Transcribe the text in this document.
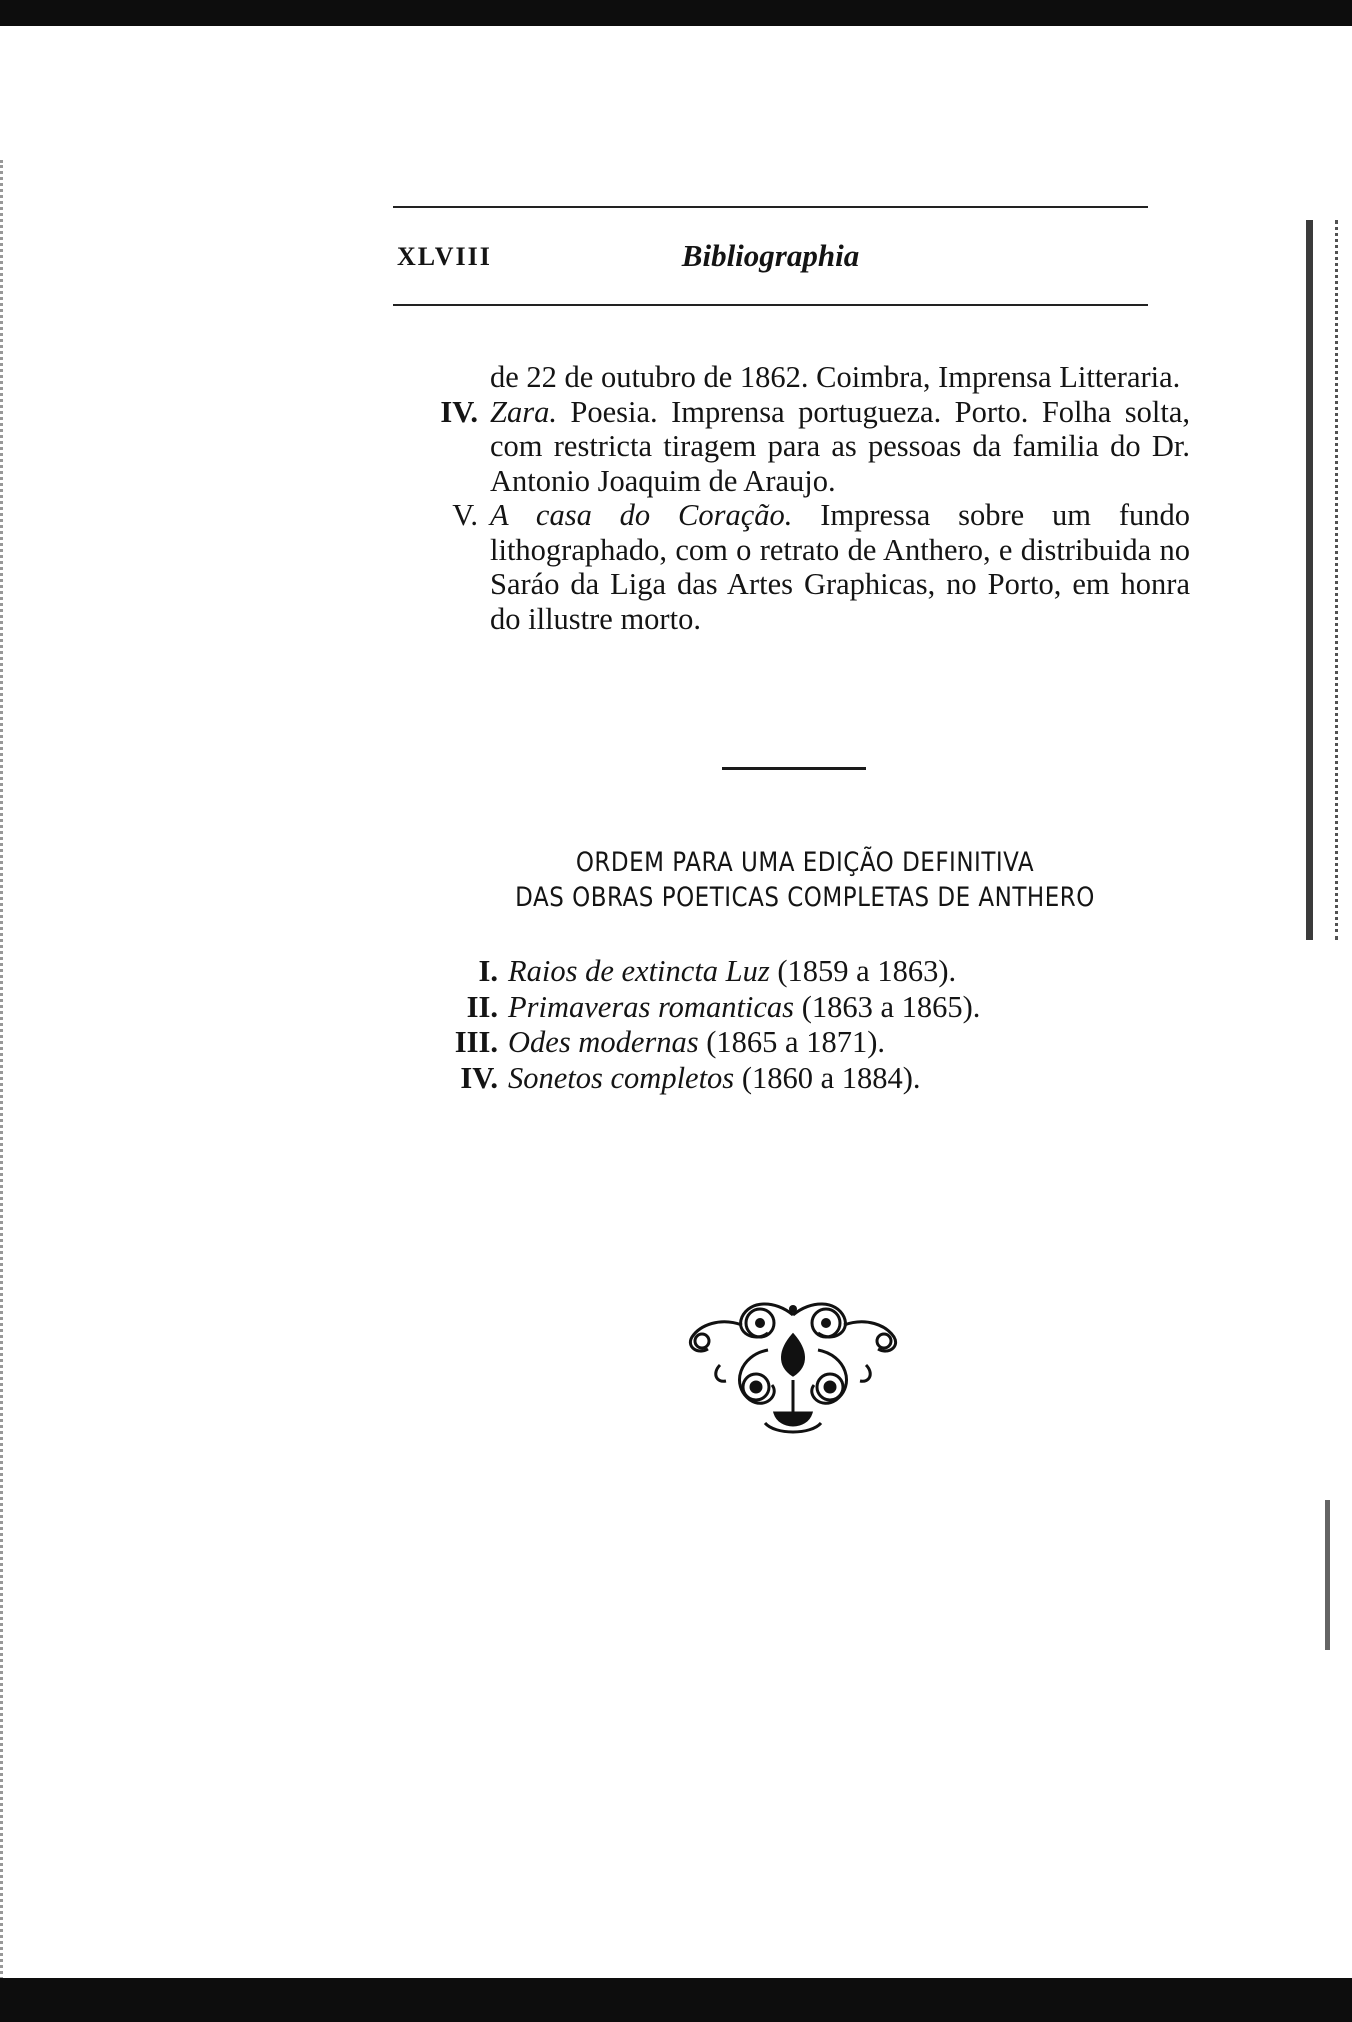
XLVIII	Bibliographia
de 22 de outubro de 1862. Coimbra, Imprensa Litteraria.
IV. Zara. Poesia. Imprensa portugueza. Porto. Folha solta, com restricta tiragem para as pessoas da familia do Dr. Antonio Joaquim de Araujo.
V. A casa do Coração. Impressa sobre um fundo lithographado, com o retrato de Anthero, e distribuida no Saráo da Liga das Artes Graphicas, no Porto, em honra do illustre morto.
ORDEM PARA UMA EDIÇÃO DEFINITIVA
DAS OBRAS POETICAS COMPLETAS DE ANTHERO
I. Raios de extincta Luz (1859 a 1863).
II. Primaveras romanticas (1863 a 1865).
III. Odes modernas (1865 a 1871).
IV. Sonetos completos (1860 a 1884).
